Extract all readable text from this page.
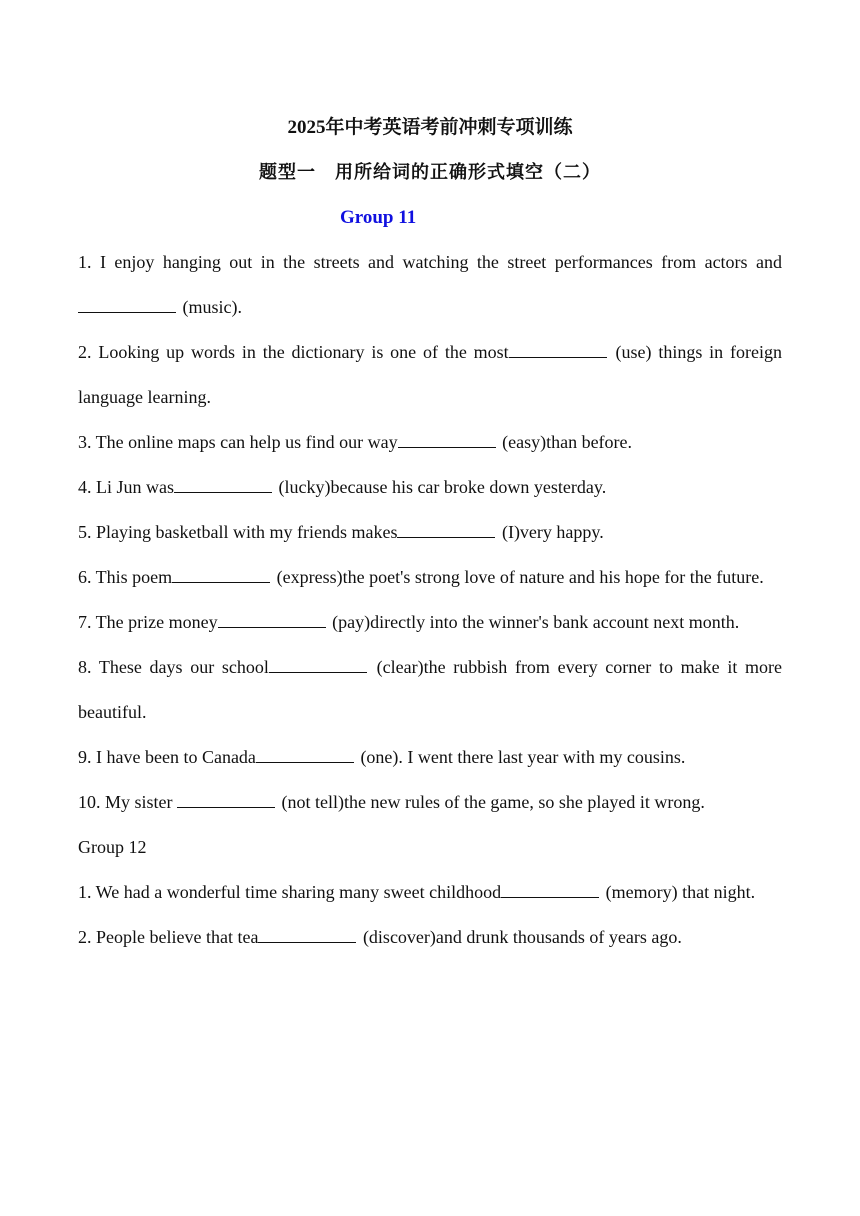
2025年中考英语考前冲刺专项训练
题型一　用所给词的正确形式填空（二）
Group 11

1. I enjoy hanging out in the streets and watching the street performances from actors and (music).

2. Looking up words in the dictionary is one of the most	(use) things in foreign language learning.

3. The online maps can help us find our way	(easy)than before.

4. Li Jun was	(lucky)because his car broke down yesterday.

5. Playing basketball with my friends makes	(I)very happy.

6. This poem	(express)the poet's strong love of nature and his hope for the future.

7. The prize money	(pay)directly into the winner's bank account next month.

8. These days our school	(clear)the rubbish from every corner to make it more beautiful.

9. I have been to Canada	(one). I went there last year with my cousins.

10. My sister	(not tell)the new rules of the game, so she played it wrong.

Group 12

1. We had a wonderful time sharing many sweet childhood	(memory) that night.

2. People believe that tea	(discover)and drunk thousands of years ago.
